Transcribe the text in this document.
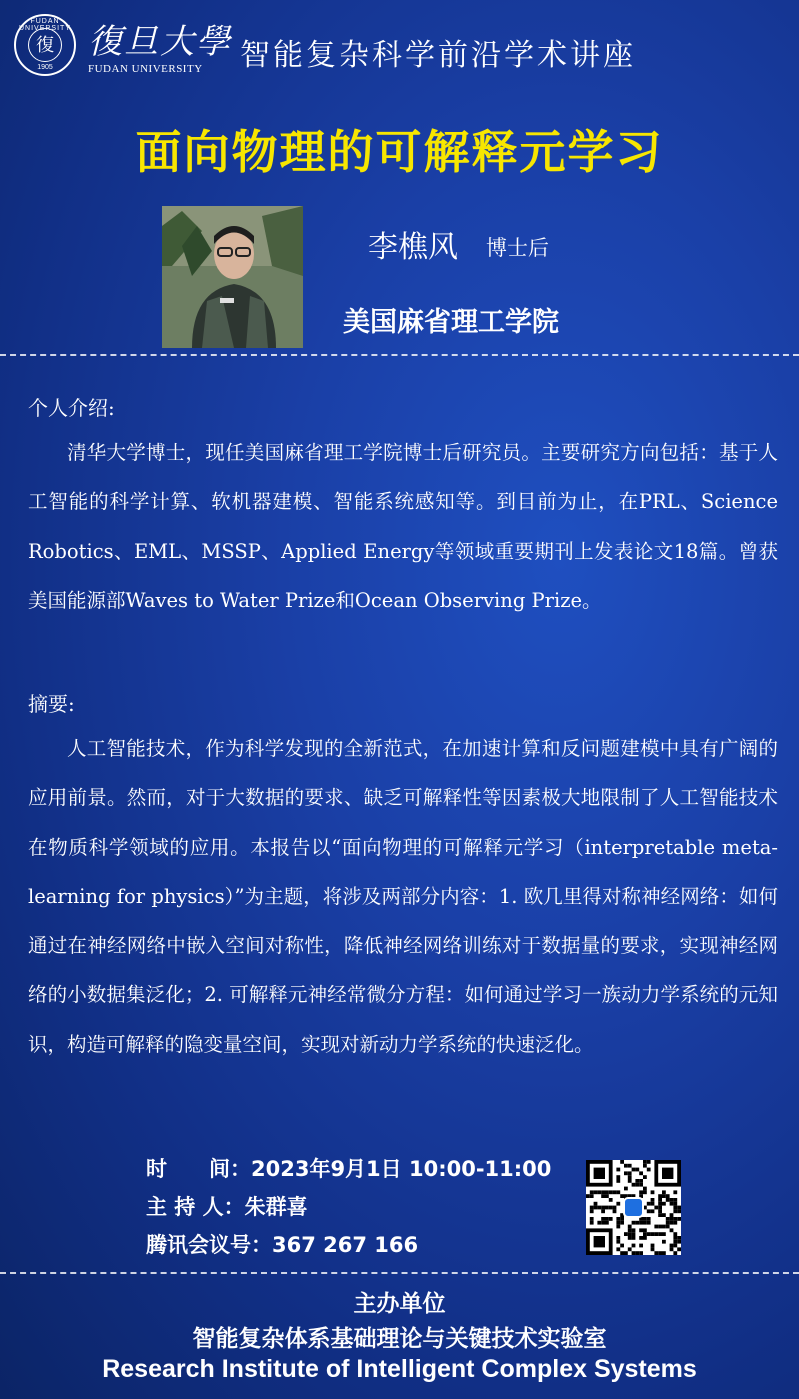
FUDAN UNIVERSITY
復
1905
復旦大學
FUDAN UNIVERSITY 智能复杂科学前沿学术讲座
面向物理的可解释元学习
李樵风 博士后
美国麻省理工学院
个人介绍:

清华大学博士，现任美国麻省理工学院博士后研究员。主要研究方向包括：基于人工智能的科学计算、软机器建模、智能系统感知等。到目前为止，在PRL、Science Robotics、EML、MSSP、Applied Energy等领域重要期刊上发表论文18篇。曾获美国能源部Waves to Water Prize和Ocean Observing Prize。

摘要:

人工智能技术，作为科学发现的全新范式，在加速计算和反问题建模中具有广阔的应用前景。然而，对于大数据的要求、缺乏可解释性等因素极大地限制了人工智能技术在物质科学领域的应用。本报告以“面向物理的可解释元学习（interpretable meta-learning for physics）”为主题，将涉及两部分内容：1. 欧几里得对称神经网络：如何通过在神经网络中嵌入空间对称性，降低神经网络训练对于数据量的要求，实现神经网络的小数据集泛化；2. 可解释元神经常微分方程：如何通过学习一族动力学系统的元知识，构造可解释的隐变量空间，实现对新动力学系统的快速泛化。

时　　间：2023年9月1日 10:00-11:00
主 持 人：朱群喜
腾讯会议号：367 267 166
主办单位
智能复杂体系基础理论与关键技术实验室
Research Institute of Intelligent Complex Systems
